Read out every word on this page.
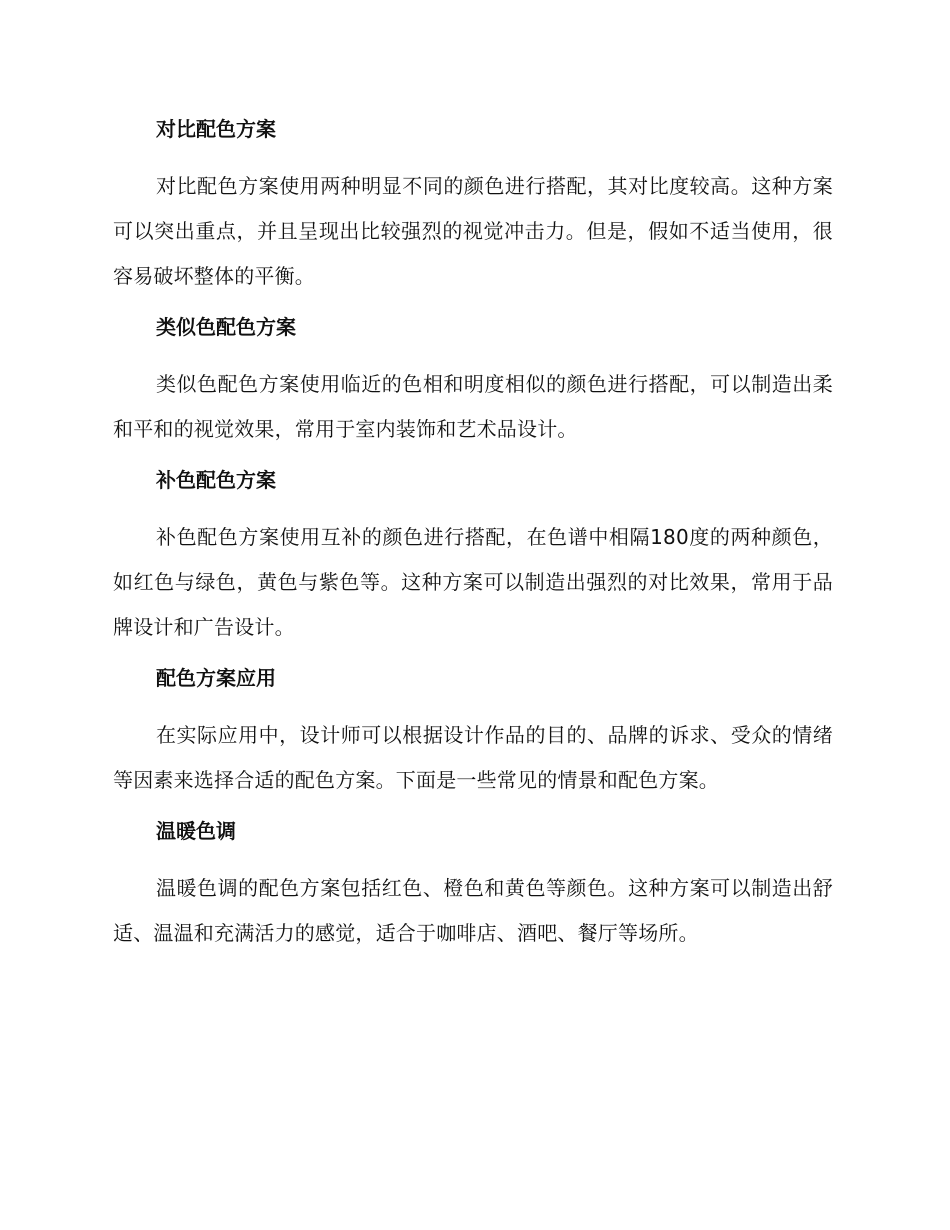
对比配色方案

对比配色方案使用两种明显不同的颜色进行搭配，其对比度较高。这种方案可以突出重点，并且呈现出比较强烈的视觉冲击力。但是，假如不适当使用，很容易破坏整体的平衡。

类似色配色方案

类似色配色方案使用临近的色相和明度相似的颜色进行搭配，可以制造出柔和平和的视觉效果，常用于室内装饰和艺术品设计。

补色配色方案

补色配色方案使用互补的颜色进行搭配，在色谱中相隔180度的两种颜色，如红色与绿色，黄色与紫色等。这种方案可以制造出强烈的对比效果，常用于品牌设计和广告设计。

配色方案应用

在实际应用中，设计师可以根据设计作品的目的、品牌的诉求、受众的情绪等因素来选择合适的配色方案。下面是一些常见的情景和配色方案。

温暖色调

温暖色调的配色方案包括红色、橙色和黄色等颜色。这种方案可以制造出舒适、温温和充满活力的感觉，适合于咖啡店、酒吧、餐厅等场所。
